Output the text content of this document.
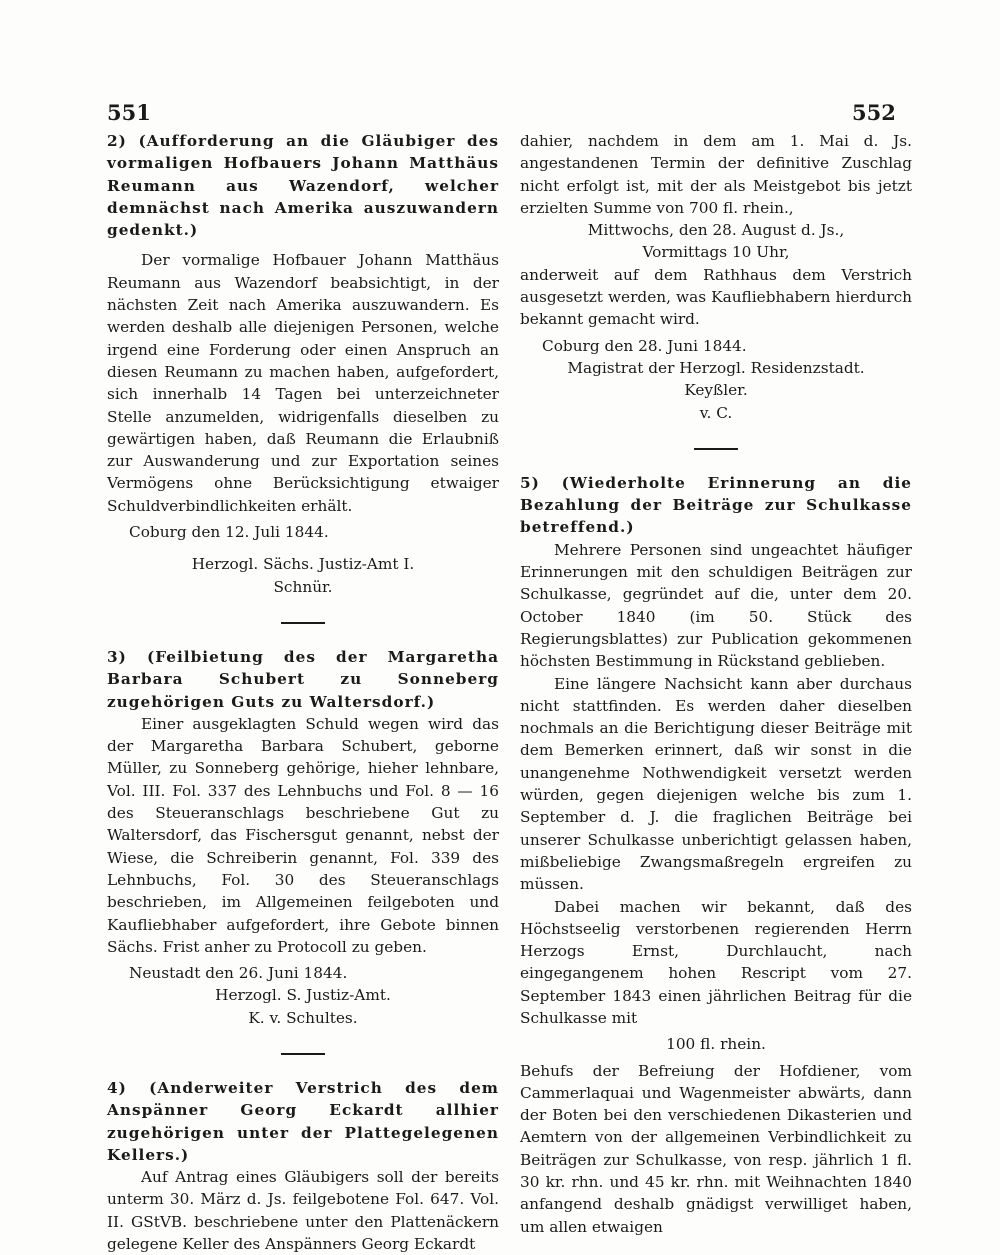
551	552

2) (Aufforderung an die Gläubiger des vormaligen Hofbauers Johann Matthäus Reumann aus Wazendorf, welcher demnächst nach Amerika auszuwandern gedenkt.)

Der vormalige Hofbauer Johann Matthäus Reumann aus Wazendorf beabsichtigt, in der nächsten Zeit nach Amerika auszuwandern. Es werden deshalb alle diejenigen Personen, welche irgend eine Forderung oder einen Anspruch an diesen Reumann zu machen haben, aufgefordert, sich innerhalb 14 Tagen bei unterzeichneter Stelle anzumelden, widrigenfalls dieselben zu gewärtigen haben, daß Reumann die Erlaubniß zur Auswanderung und zur Exportation seines Vermögens ohne Berücksichtigung etwaiger Schuldverbindlichkeiten erhält.

Coburg den 12. Juli 1844.

Herzogl. Sächs. Justiz-Amt I.

Schnür.

3) (Feilbietung des der Margaretha Barbara Schubert zu Sonneberg zugehörigen Guts zu Waltersdorf.)

Einer ausgeklagten Schuld wegen wird das der Margaretha Barbara Schubert, geborne Müller, zu Sonneberg gehörige, hieher lehnbare, Vol. III. Fol. 337 des Lehnbuchs und Fol. 8 — 16 des Steueranschlags beschriebene Gut zu Waltersdorf, das Fischersgut genannt, nebst der Wiese, die Schreiberin genannt, Fol. 339 des Lehnbuchs, Fol. 30 des Steueranschlags beschrieben, im Allgemeinen feilgeboten und Kaufliebhaber aufgefordert, ihre Gebote binnen Sächs. Frist anher zu Protocoll zu geben.

Neustadt den 26. Juni 1844.

Herzogl. S. Justiz-Amt.

K. v. Schultes.

4) (Anderweiter Verstrich des dem Anspänner Georg Eckardt allhier zugehörigen unter der Plattegelegenen Kellers.)

Auf Antrag eines Gläubigers soll der bereits unterm 30. März d. Js. feilgebotene Fol. 647. Vol. II. GStVB. beschriebene unter den Plattenäckern gelegene Keller des Anspänners Georg Eckardt

dahier, nachdem in dem am 1. Mai d. Js. angestandenen Termin der definitive Zuschlag nicht erfolgt ist, mit der als Meistgebot bis jetzt erzielten Summe von 700 fl. rhein.,

Mittwochs, den 28. August d. Js.,

Vormittags 10 Uhr,

anderweit auf dem Rathhaus dem Verstrich ausgesetzt werden, was Kaufliebhabern hierdurch bekannt gemacht wird.

Coburg den 28. Juni 1844.

Magistrat der Herzogl. Residenzstadt.

Keyßler.

v. C.

5) (Wiederholte Erinnerung an die Bezahlung der Beiträge zur Schulkasse betreffend.)

Mehrere Personen sind ungeachtet häufiger Erinnerungen mit den schuldigen Beiträgen zur Schulkasse, gegründet auf die, unter dem 20. October 1840 (im 50. Stück des Regierungsblattes) zur Publication gekommenen höchsten Bestimmung in Rückstand geblieben.

Eine längere Nachsicht kann aber durchaus nicht stattfinden. Es werden daher dieselben nochmals an die Berichtigung dieser Beiträge mit dem Bemerken erinnert, daß wir sonst in die unangenehme Nothwendigkeit versetzt werden würden, gegen diejenigen welche bis zum 1. September d. J. die fraglichen Beiträge bei unserer Schulkasse unberichtigt gelassen haben, mißbeliebige Zwangsmaßregeln ergreifen zu müssen.

Dabei machen wir bekannt, daß des Höchstseelig verstorbenen regierenden Herrn Herzogs Ernst, Durchlaucht, nach eingegangenem hohen Rescript vom 27. September 1843 einen jährlichen Beitrag für die Schulkasse mit

100 fl. rhein.

Behufs der Befreiung der Hofdiener, vom Cammerlaquai und Wagenmeister abwärts, dann der Boten bei den verschiedenen Dikasterien und Aemtern von der allgemeinen Verbindlichkeit zu Beiträgen zur Schulkasse, von resp. jährlich 1 fl. 30 kr. rhn. und 45 kr. rhn. mit Weihnachten 1840 anfangend deshalb gnädigst verwilliget haben, um allen etwaigen
